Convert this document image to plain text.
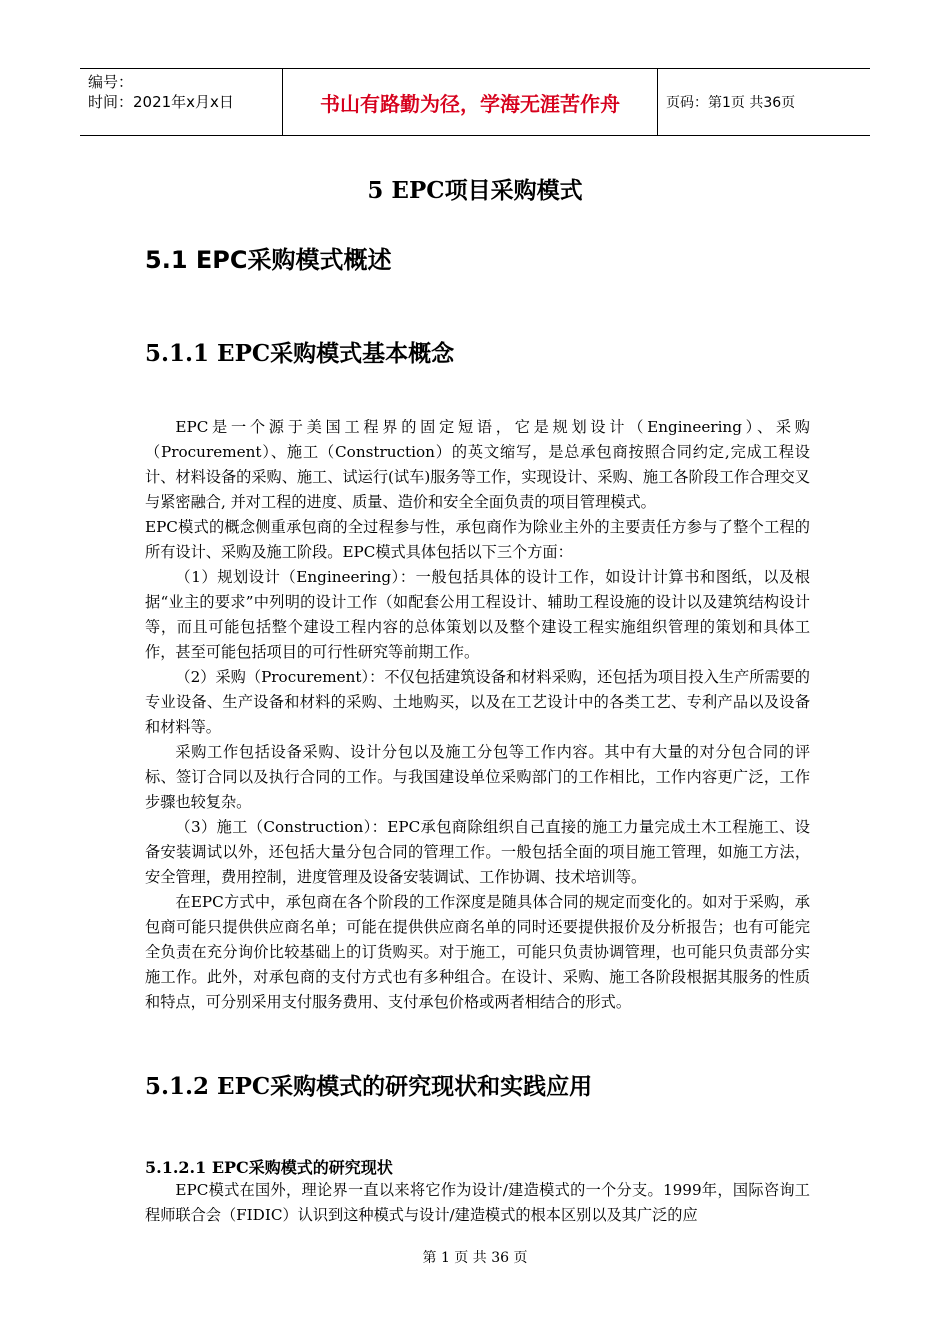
编号：
时间：2021年x月x日	书山有路勤为径，学海无涯苦作舟	页码：第1页 共36页
5 EPC项目采购模式
5.1 EPC采购模式概述
5.1.1 EPC采购模式基本概念

EPC是一个源于美国工程界的固定短语，它是规划设计（Engineering）、采购（Procurement）、施工（Construction）的英文缩写，是总承包商按照合同约定,完成工程设计、材料设备的采购、施工、试运行(试车)服务等工作，实现设计、采购、施工各阶段工作合理交叉与紧密融合, 并对工程的进度、质量、造价和安全全面负责的项目管理模式。

EPC模式的概念侧重承包商的全过程参与性，承包商作为除业主外的主要责任方参与了整个工程的所有设计、采购及施工阶段。EPC模式具体包括以下三个方面：

（1）规划设计（Engineering）：一般包括具体的设计工作，如设计计算书和图纸，以及根据“业主的要求”中列明的设计工作（如配套公用工程设计、辅助工程设施的设计以及建筑结构设计等，而且可能包括整个建设工程内容的总体策划以及整个建设工程实施组织管理的策划和具体工作，甚至可能包括项目的可行性研究等前期工作。

（2）采购（Procurement）：不仅包括建筑设备和材料采购，还包括为项目投入生产所需要的专业设备、生产设备和材料的采购、土地购买，以及在工艺设计中的各类工艺、专利产品以及设备和材料等。

采购工作包括设备采购、设计分包以及施工分包等工作内容。其中有大量的对分包合同的评标、签订合同以及执行合同的工作。与我国建设单位采购部门的工作相比，工作内容更广泛，工作步骤也较复杂。

（3）施工（Construction）：EPC承包商除组织自己直接的施工力量完成土木工程施工、设备安装调试以外，还包括大量分包合同的管理工作。一般包括全面的项目施工管理，如施工方法，安全管理，费用控制，进度管理及设备安装调试、工作协调、技术培训等。

在EPC方式中，承包商在各个阶段的工作深度是随具体合同的规定而变化的。如对于采购，承包商可能只提供供应商名单；可能在提供供应商名单的同时还要提供报价及分析报告；也有可能完全负责在充分询价比较基础上的订货购买。对于施工，可能只负责协调管理，也可能只负责部分实施工作。此外，对承包商的支付方式也有多种组合。在设计、采购、施工各阶段根据其服务的性质和特点，可分别采用支付服务费用、支付承包价格或两者相结合的形式。

5.1.2 EPC采购模式的研究现状和实践应用
5.1.2.1 EPC采购模式的研究现状

EPC模式在国外，理论界一直以来将它作为设计/建造模式的一个分支。1999年，国际咨询工程师联合会（FIDIC）认识到这种模式与设计/建造模式的根本区别以及其广泛的应

第 1 页 共 36 页
